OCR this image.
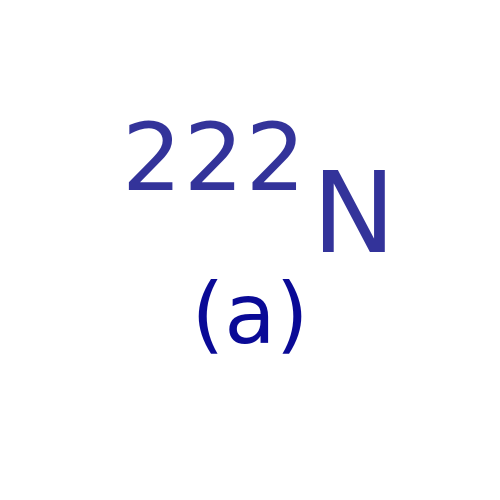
222 N
(a)
